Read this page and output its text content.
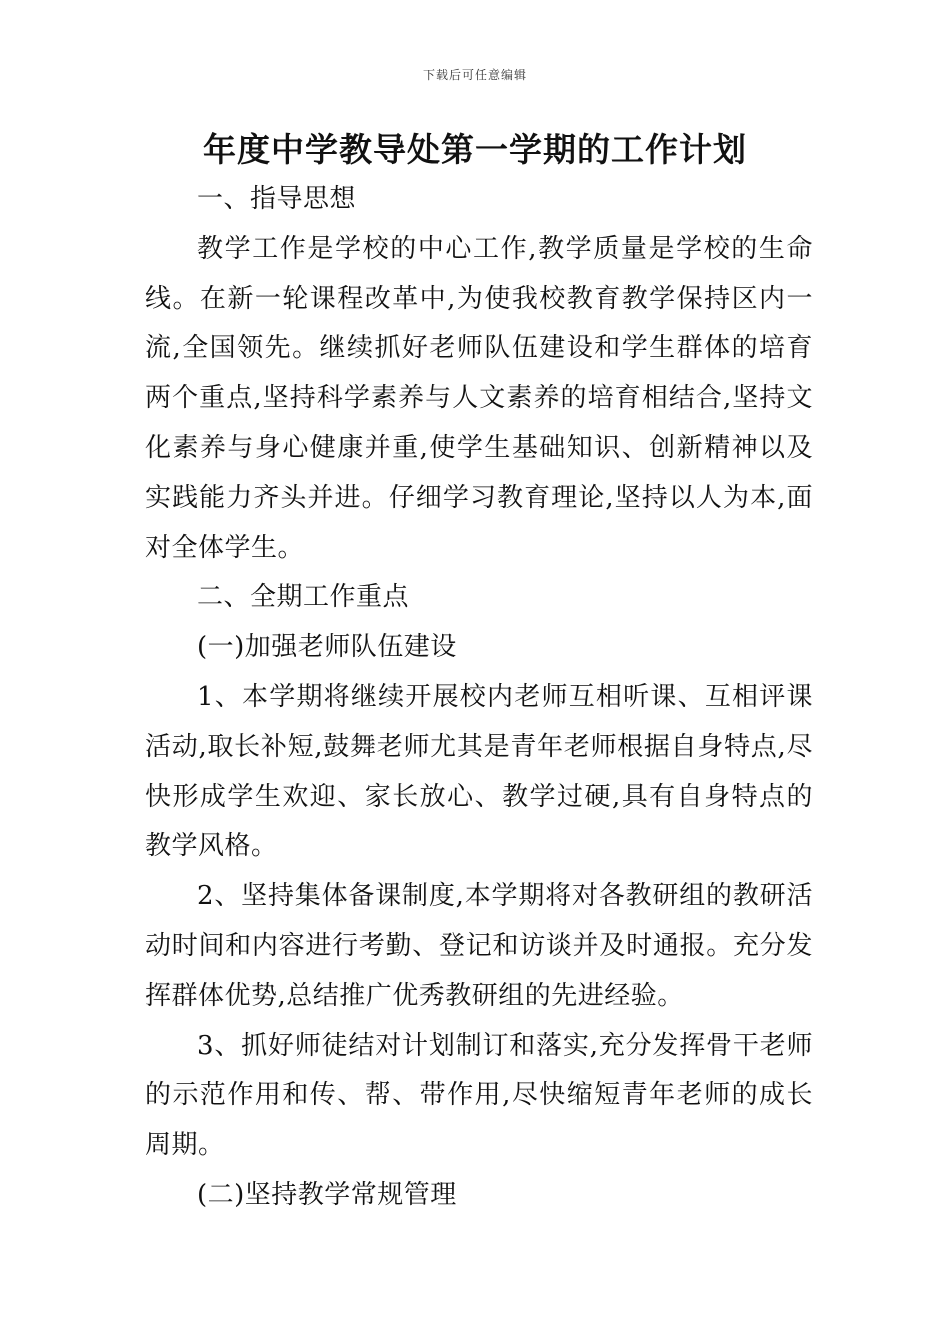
下载后可任意编辑
年度中学教导处第一学期的工作计划

一、指导思想

教学工作是学校的中心工作,教学质量是学校的生命线。在新一轮课程改革中,为使我校教育教学保持区内一流,全国领先。继续抓好老师队伍建设和学生群体的培育两个重点,坚持科学素养与人文素养的培育相结合,坚持文化素养与身心健康并重,使学生基础知识、创新精神以及实践能力齐头并进。仔细学习教育理论,坚持以人为本,面对全体学生。

二、全期工作重点

(一)加强老师队伍建设

1、本学期将继续开展校内老师互相听课、互相评课活动,取长补短,鼓舞老师尤其是青年老师根据自身特点,尽快形成学生欢迎、家长放心、教学过硬,具有自身特点的教学风格。

2、坚持集体备课制度,本学期将对各教研组的教研活动时间和内容进行考勤、登记和访谈并及时通报。充分发挥群体优势,总结推广优秀教研组的先进经验。

3、抓好师徒结对计划制订和落实,充分发挥骨干老师的示范作用和传、帮、带作用,尽快缩短青年老师的成长周期。

(二)坚持教学常规管理
